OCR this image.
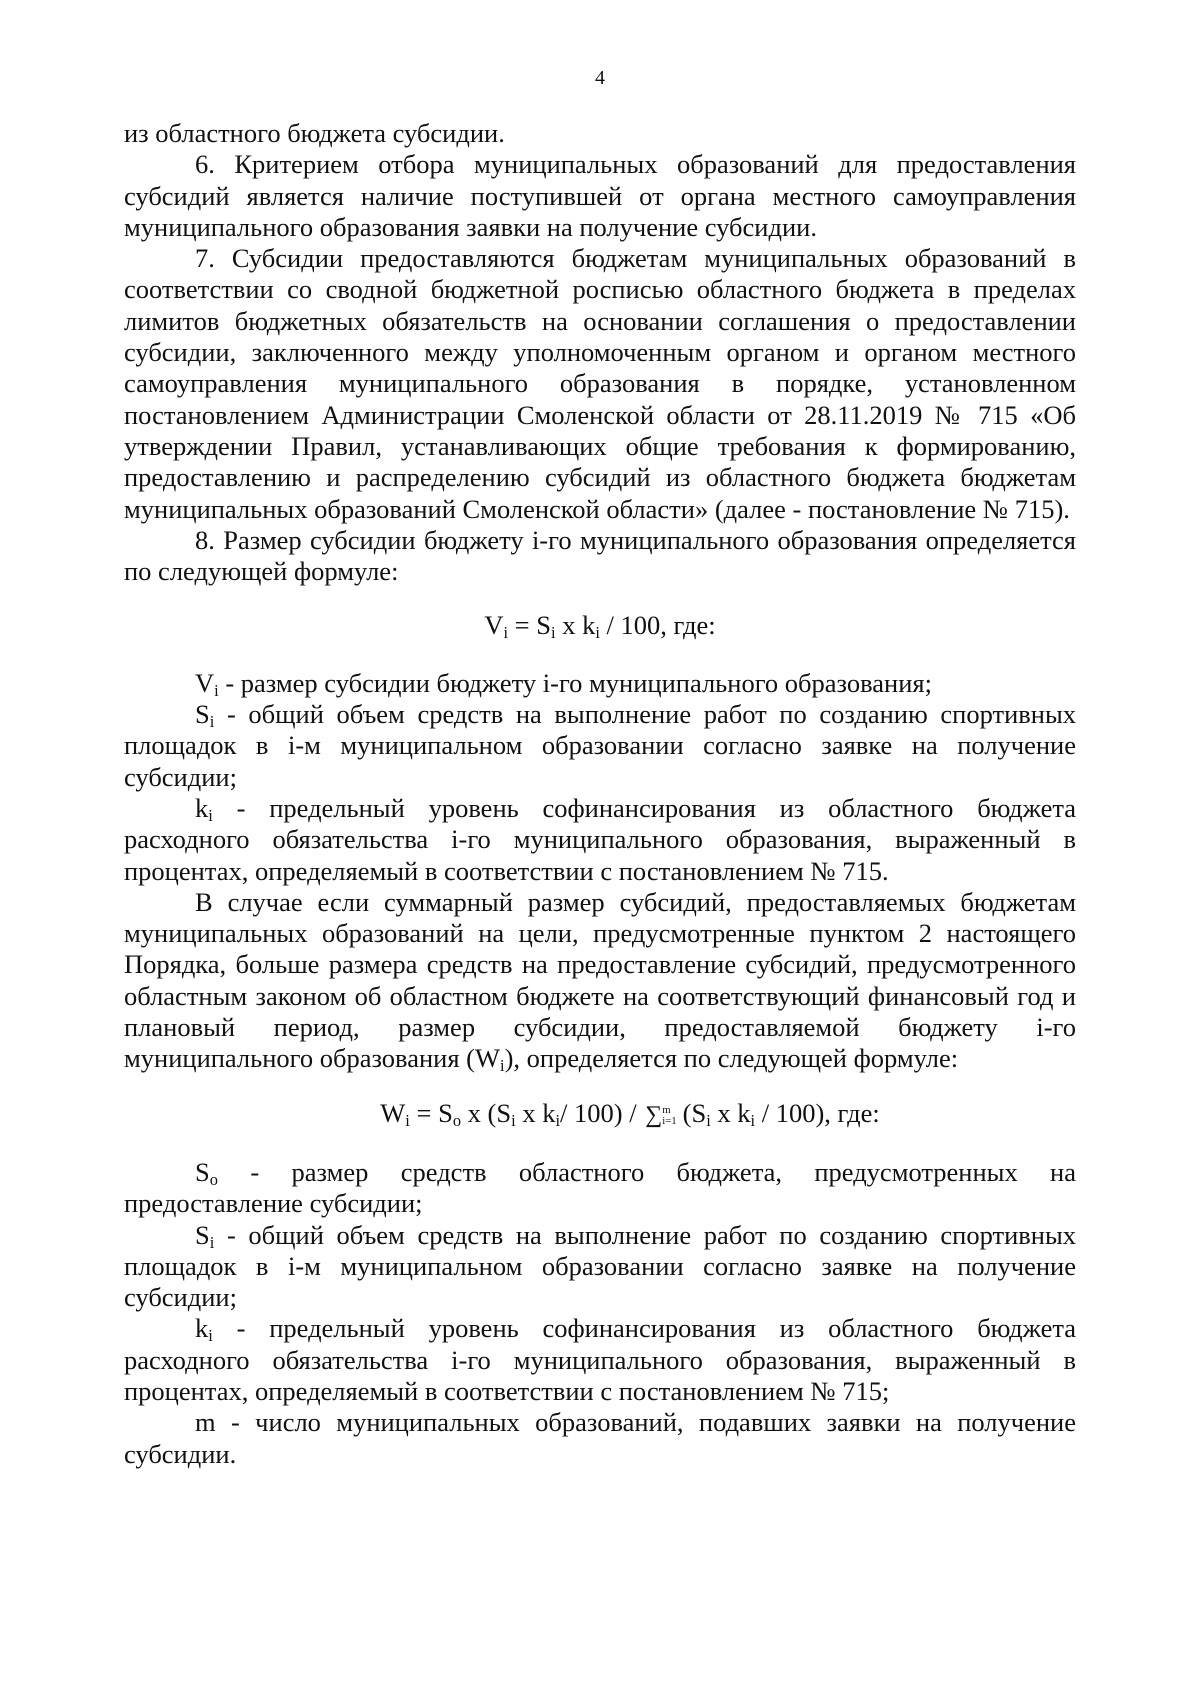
4

из областного бюджета субсидии.

6. Критерием отбора муниципальных образований для предоставления субсидий является наличие поступившей от органа местного самоуправления муниципального образования заявки на получение субсидии.

7. Субсидии предоставляются бюджетам муниципальных образований в соответствии со сводной бюджетной росписью областного бюджета в пределах лимитов бюджетных обязательств на основании соглашения о предоставлении субсидии, заключенного между уполномоченным органом и органом местного самоуправления муниципального образования в порядке, установленном постановлением Администрации Смоленской области от 28.11.2019 № 715 «Об утверждении Правил, устанавливающих общие требования к формированию, предоставлению и распределению субсидий из областного бюджета бюджетам муниципальных образований Смоленской области» (далее - постановление № 715).

8. Размер субсидии бюджету і-го муниципального образования определяется по следующей формуле:

$V_i = S_i$ x $k_i / 100$, где:

$V_i$ - размер субсидии бюджету і-го муниципального образования;

$S_i$ - общий объем средств на выполнение работ по созданию спортивных площадок в і-м муниципальном образовании согласно заявке на получение субсидии;

$k_i$ - предельный уровень софинансирования из областного бюджета расходного обязательства і-го муниципального образования, выраженный в процентах, определяемый в соответствии с постановлением № 715.

В случае если суммарный размер субсидий, предоставляемых бюджетам муниципальных образований на цели, предусмотренные пунктом 2 настоящего Порядка, больше размера средств на предоставление субсидий, предусмотренного областным законом об областном бюджете на соответствующий финансовый год и плановый период, размер субсидии, предоставляемой бюджету і-го муниципального образования $(W_i)$, определяется по следующей формуле:

$W_i = S_o$ x ($S_i$ x $k_i/$ 100) / ∑m
i=1 ($S_i$ x $k_i / 100$), где:

$S_o$ - размер средств областного бюджета, предусмотренных на предоставление субсидии;

$S_i$ - общий объем средств на выполнение работ по созданию спортивных площадок в і-м муниципальном образовании согласно заявке на получение субсидии;

$k_i$ - предельный уровень софинансирования из областного бюджета расходного обязательства і-го муниципального образования, выраженный в процентах, определяемый в соответствии с постановлением № 715;

m - число муниципальных образований, подавших заявки на получение субсидии.
